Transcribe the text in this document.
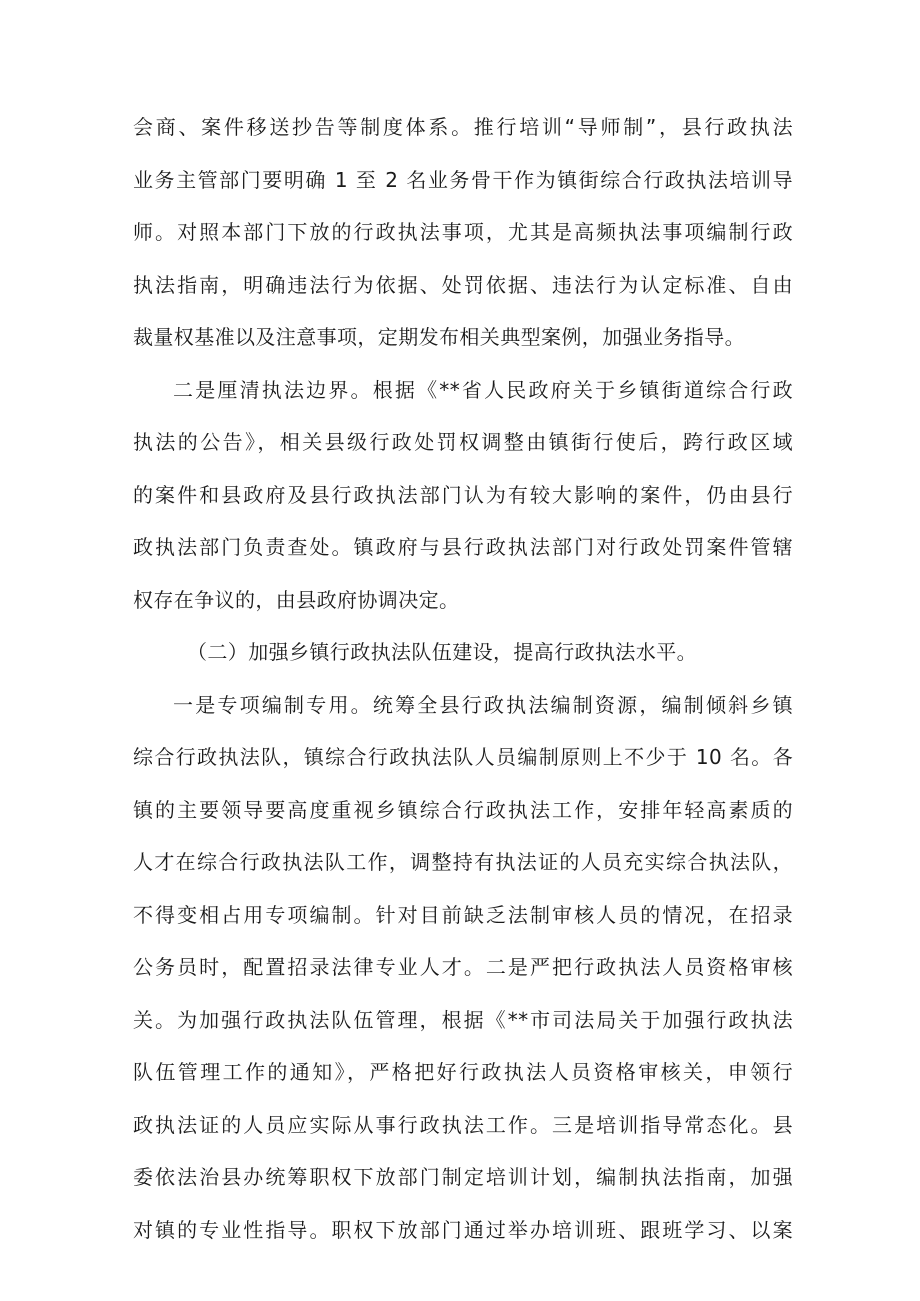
会商、案件移送抄告等制度体系。推行培训“导师制”，县行政执法
业务主管部门要明确 1 至 2 名业务骨干作为镇街综合行政执法培训导
师。对照本部门下放的行政执法事项，尤其是高频执法事项编制行政
执法指南，明确违法行为依据、处罚依据、违法行为认定标准、自由
裁量权基准以及注意事项，定期发布相关典型案例，加强业务指导。
二是厘清执法边界。根据《**省人民政府关于乡镇街道综合行政
执法的公告》，相关县级行政处罚权调整由镇街行使后，跨行政区域
的案件和县政府及县行政执法部门认为有较大影响的案件，仍由县行
政执法部门负责查处。镇政府与县行政执法部门对行政处罚案件管辖
权存在争议的，由县政府协调决定。
（二）加强乡镇行政执法队伍建设，提高行政执法水平。
一是专项编制专用。统筹全县行政执法编制资源，编制倾斜乡镇
综合行政执法队，镇综合行政执法队人员编制原则上不少于 10 名。各
镇的主要领导要高度重视乡镇综合行政执法工作，安排年轻高素质的
人才在综合行政执法队工作，调整持有执法证的人员充实综合执法队，
不得变相占用专项编制。针对目前缺乏法制审核人员的情况，在招录
公务员时，配置招录法律专业人才。二是严把行政执法人员资格审核
关。为加强行政执法队伍管理，根据《**市司法局关于加强行政执法
队伍管理工作的通知》，严格把好行政执法人员资格审核关，申领行
政执法证的人员应实际从事行政执法工作。三是培训指导常态化。县
委依法治县办统筹职权下放部门制定培训计划，编制执法指南，加强
对镇的专业性指导。职权下放部门通过举办培训班、跟班学习、以案
